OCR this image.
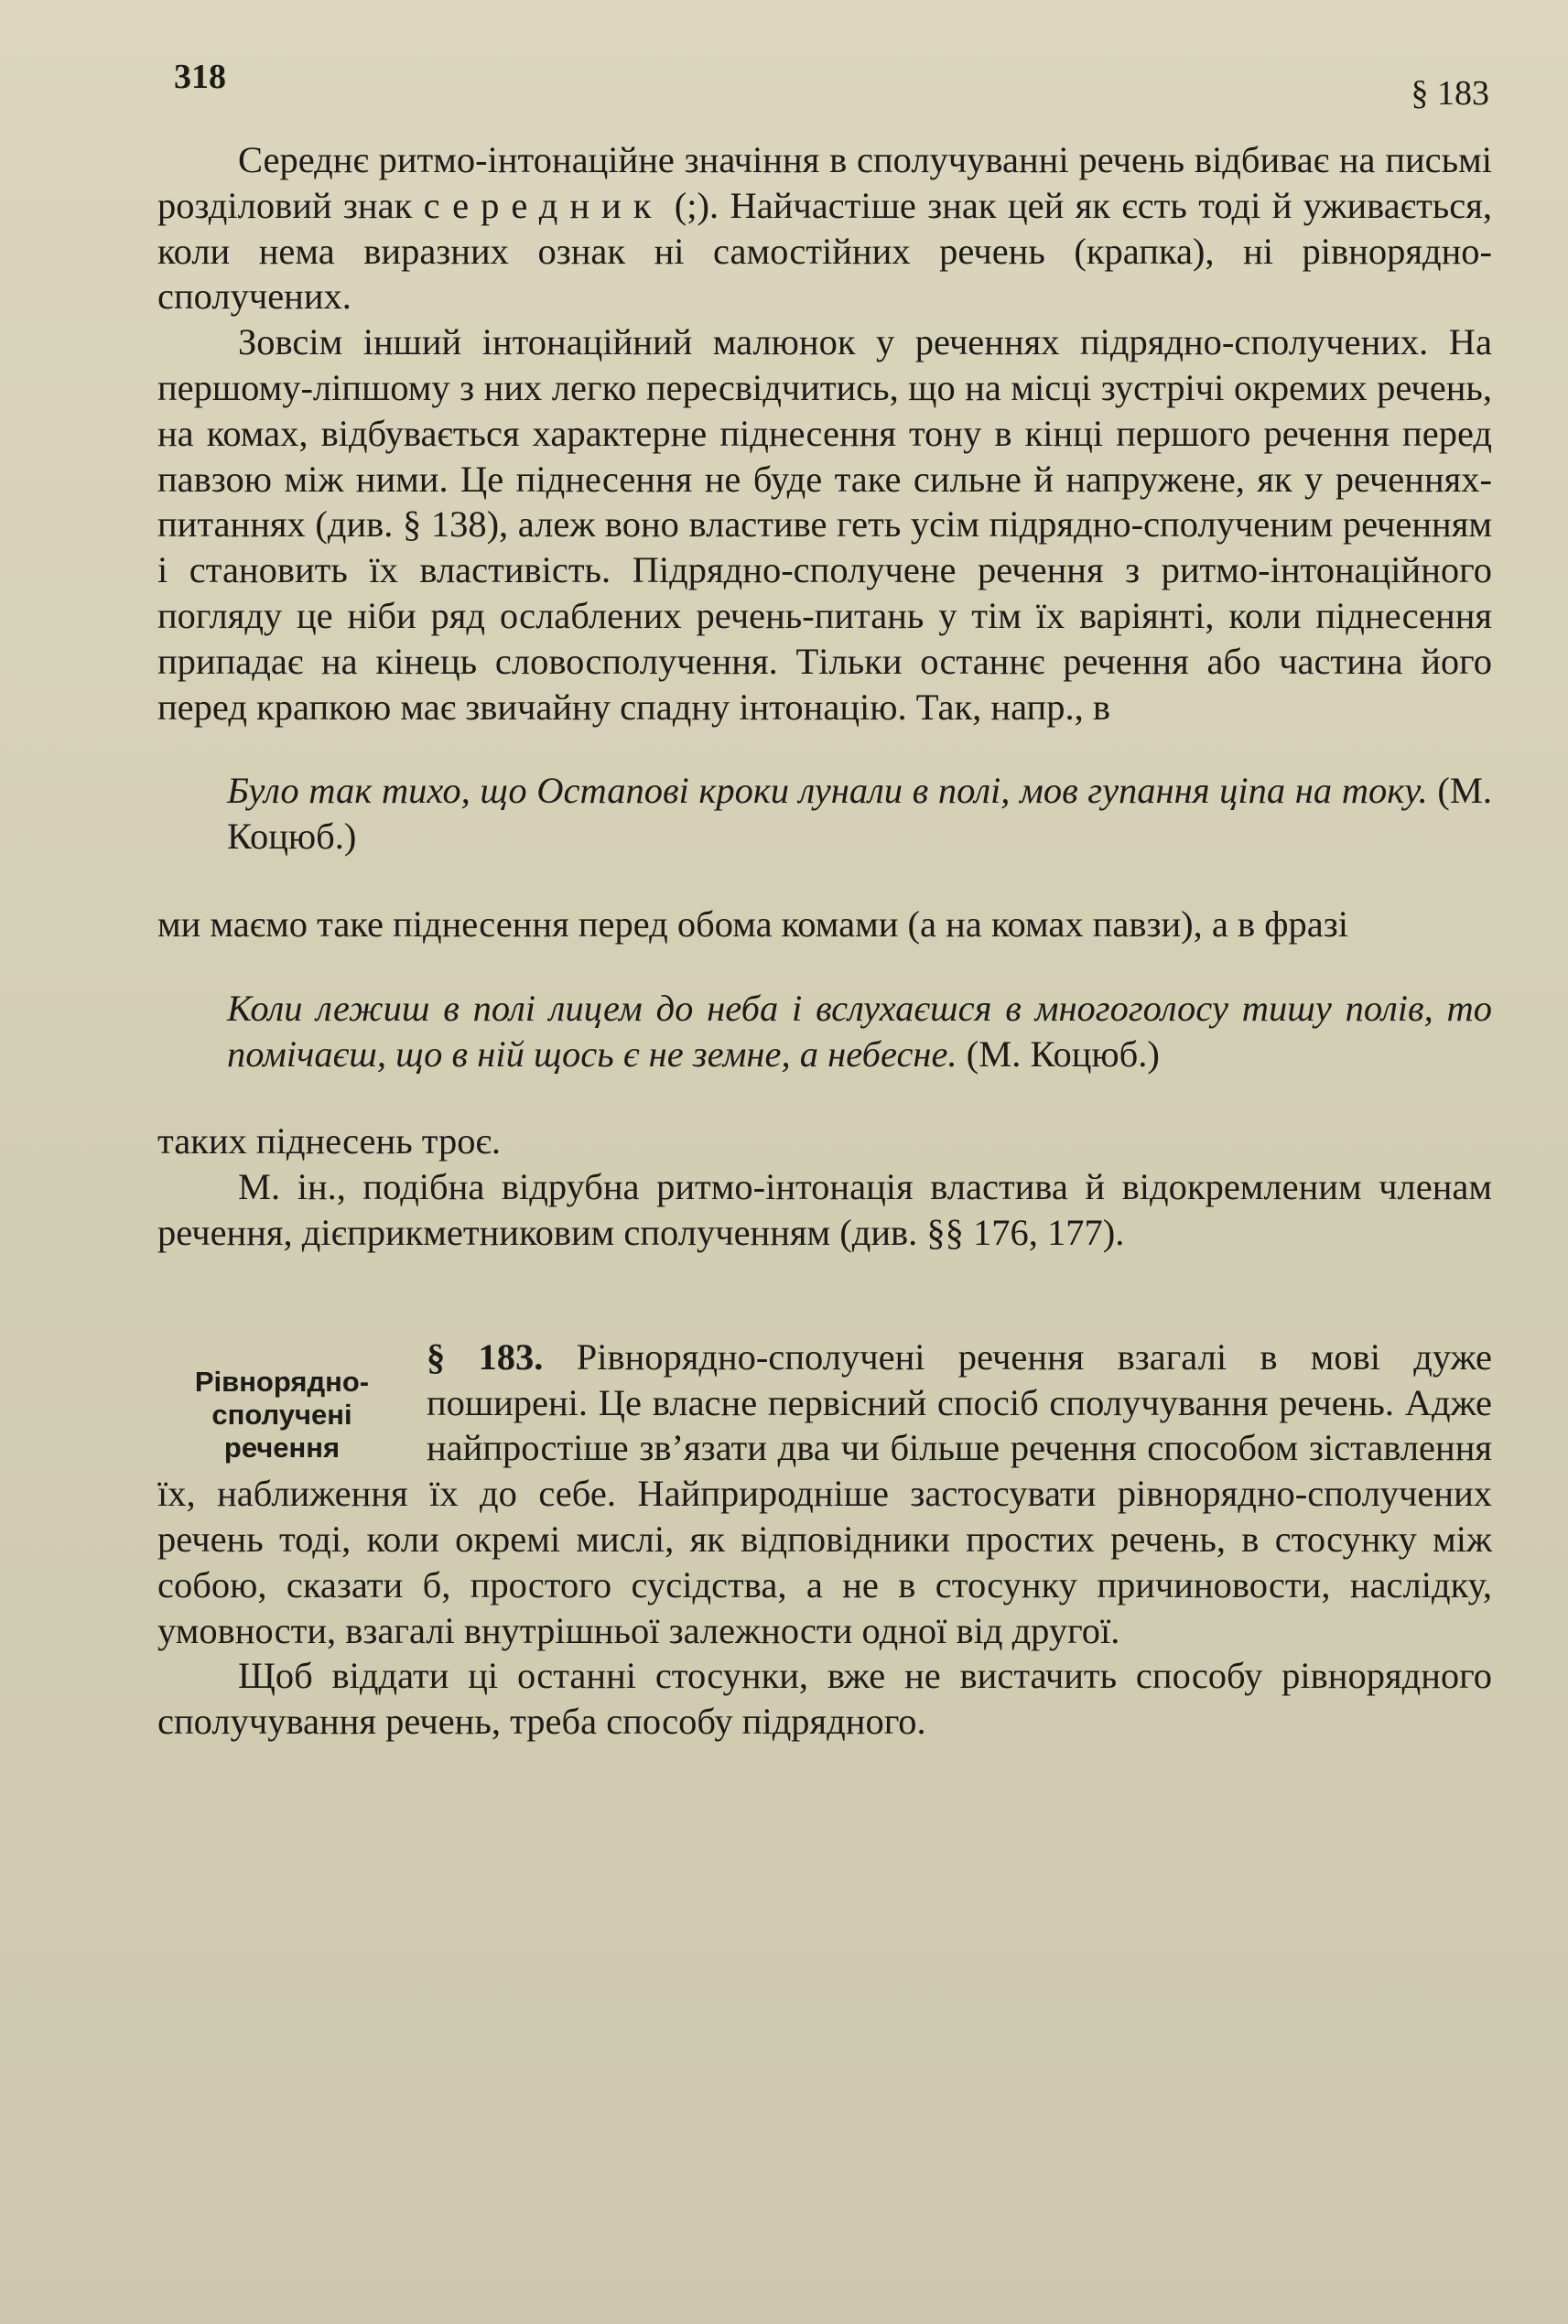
318	§ 183

Середнє ритмо-інтонаційне значіння в сполучуванні речень відбиває на письмі розділовий знак середник (;). Найчастіше знак цей як єсть тоді й уживається, коли нема виразних ознак ні самостійних речень (крапка), ні рівнорядно-сполучених.

Зовсім інший інтонаційний малюнок у реченнях підрядно-сполучених. На першому-ліпшому з них легко пересвідчитись, що на місці зустрічі окремих речень, на комах, відбувається характерне піднесення тону в кінці першого речення перед павзою між ними. Це піднесення не буде таке сильне й напружене, як у реченнях-питаннях (див. § 138), алеж воно властиве геть усім підрядно-сполученим реченням і становить їх властивість. Підрядно-сполучене речення з ритмо-інтонаційного погляду це ніби ряд ослаблених речень-питань у тім їх варіянті, коли піднесення припадає на кінець словосполучення. Тільки останнє речення або частина його перед крапкою має звичайну спадну інтонацію. Так, напр., в

Було так тихо, що Остапові кроки лунали в полі, мов гупання ціпа на току. (М. Коцюб.)

ми маємо таке піднесення перед обома комами (а на комах павзи), а в фразі

Коли лежиш в полі лицем до неба і вслухаєшся в многоголосу тишу полів, то помічаєш, що в ній щось є не земне, а небесне. (М. Коцюб.)

таких піднесень троє.

М. ін., подібна відрубна ритмо-інтонація властива й відокремленим членам речення, дієприкметниковим сполученням (див. §§ 176, 177).

Рівнорядно-
сполучені
речення

§ 183. Рівнорядно-сполучені речення взагалі в мові дуже поширені. Це власне первісний спосіб сполучування речень. Адже найпростіше зв’язати два чи більше речення способом зіставлення їх, наближення їх до себе. Найприродніше застосувати рівнорядно-сполучених речень тоді, коли окремі мислі, як відповідники простих речень, в стосунку між собою, сказати б, простого сусідства, а не в стосунку причиновости, наслідку, умовности, взагалі внутрішньої залежности одної від другої.

Щоб віддати ці останні стосунки, вже не вистачить способу рівнорядного сполучування речень, треба способу підрядного.
